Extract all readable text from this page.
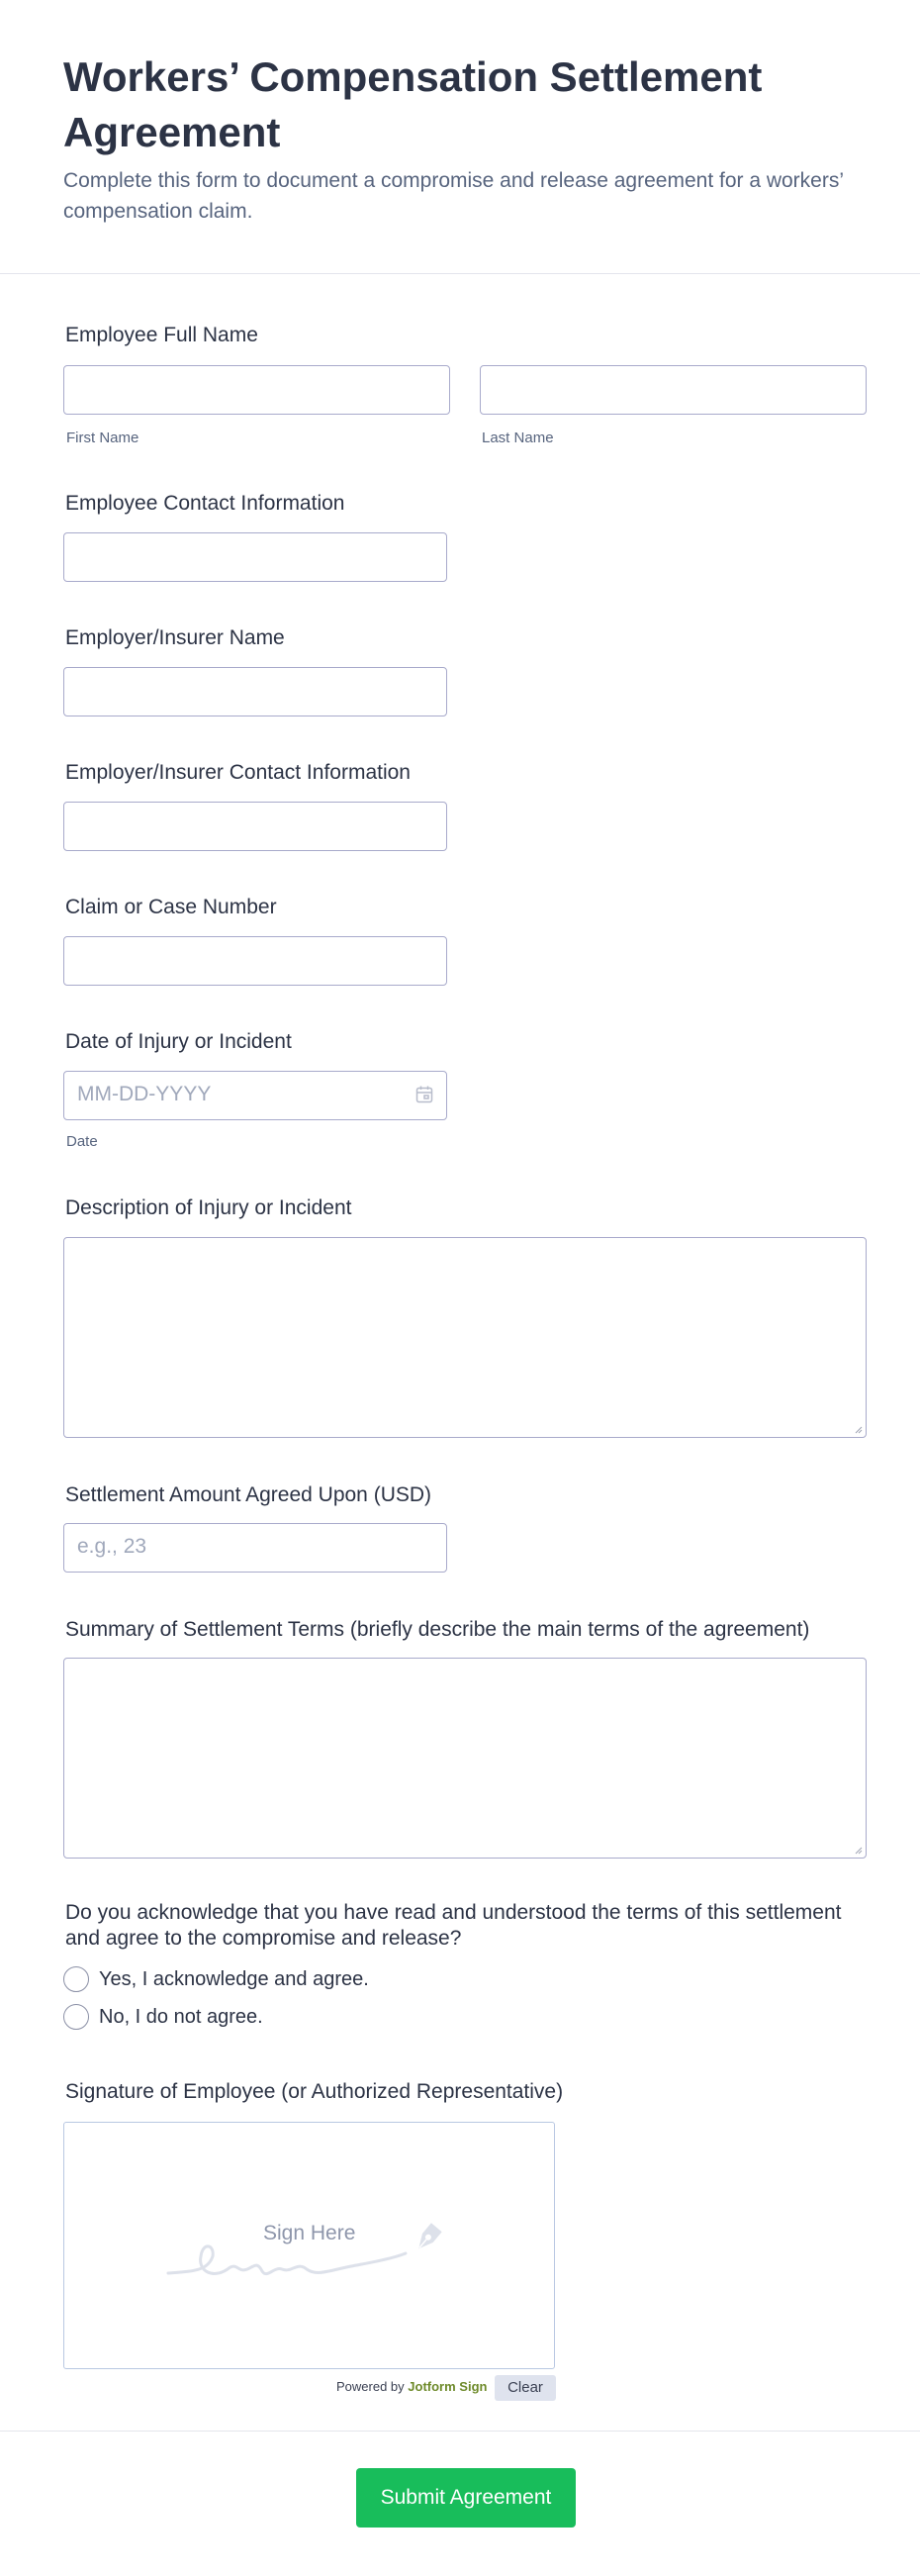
Workers’ Compensation Settlement Agreement

Complete this form to document a compromise and release agreement for a workers’ compensation claim.

Employee Full Name
First Name	Last Name
Employee Contact Information
Employer/Insurer Name
Employer/Insurer Contact Information
Claim or Case Number
Date of Injury or Incident
MM-DD-YYYY
Date
Description of Injury or Incident
Settlement Amount Agreed Upon (USD)
e.g., 23
Summary of Settlement Terms (briefly describe the main terms of the agreement)
Do you acknowledge that you have read and understood the terms of this settlement and agree to the compromise and release?
Yes, I acknowledge and agree.
No, I do not agree.
Signature of Employee (or Authorized Representative)
Sign Here
Powered by Jotform Sign	Clear
Submit Agreement
